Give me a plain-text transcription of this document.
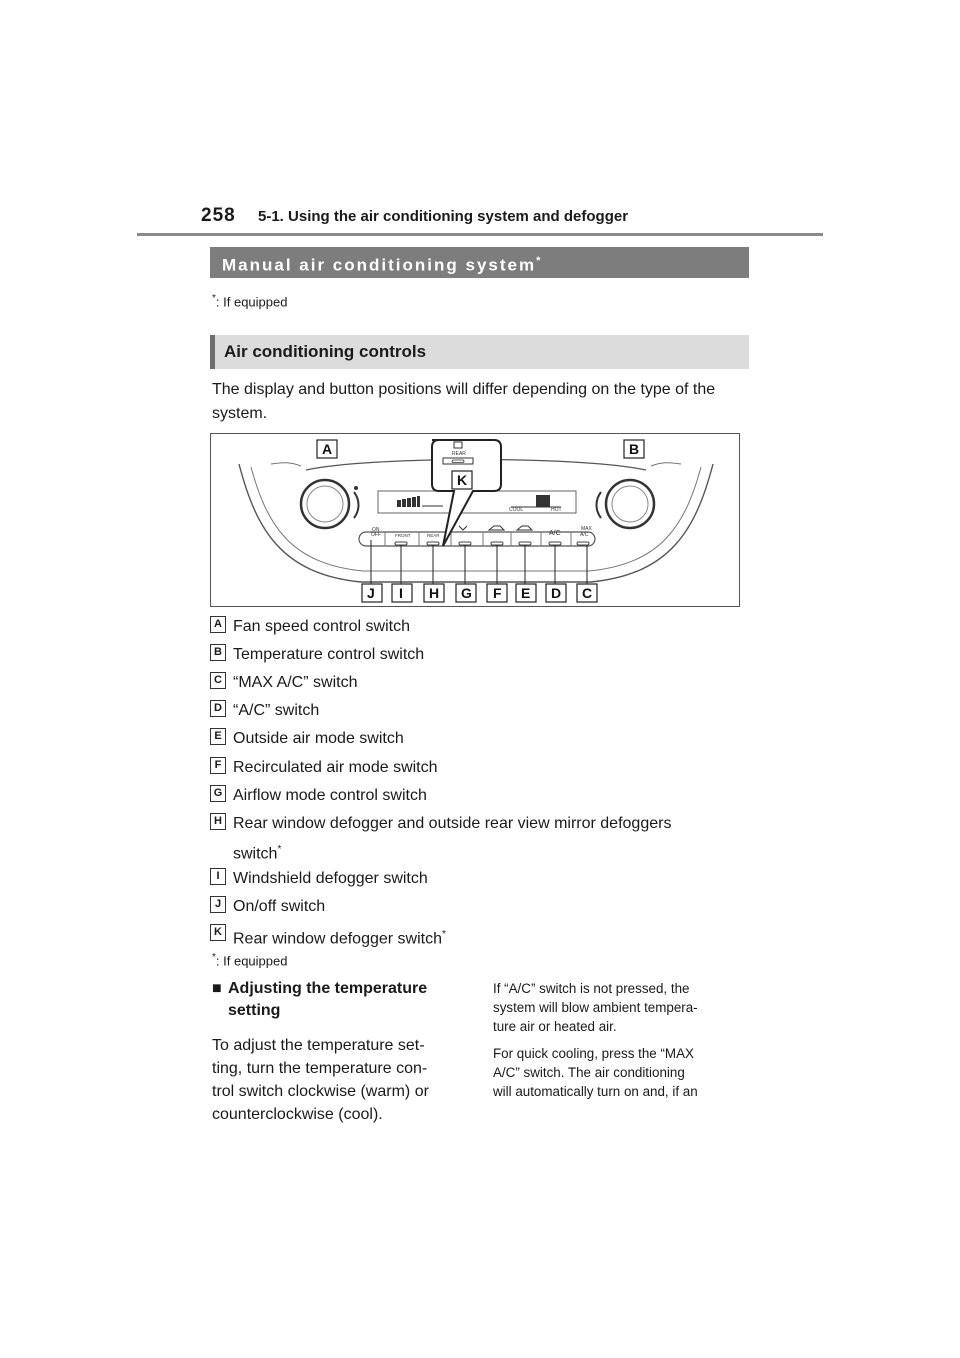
258 5-1. Using the air conditioning system and defogger
Manual air conditioning system*
*: If equipped
Air conditioning controls
The display and button positions will differ depending on the type of the system.
COOL	HOT
ON
OFF	FRONT	REAR	A/C
MAX
A/C
REAR
A	B
K
J I H G F E D C
A Fan speed control switch
B Temperature control switch
C “MAX A/C” switch
D “A/C” switch
E Outside air mode switch
F Recirculated air mode switch
G Airflow mode control switch
H Rear window defogger and outside rear view mirror defoggers
switch*
I Windshield defogger switch
J On/off switch
K Rear window defogger switch*
*: If equipped
■ Adjusting the temperature
setting
To adjust the temperature set-
ting, turn the temperature con-
trol switch clockwise (warm) or
counterclockwise (cool).
If “A/C” switch is not pressed, the
system will blow ambient tempera-
ture air or heated air.
For quick cooling, press the “MAX
A/C” switch. The air conditioning
will automatically turn on and, if an
